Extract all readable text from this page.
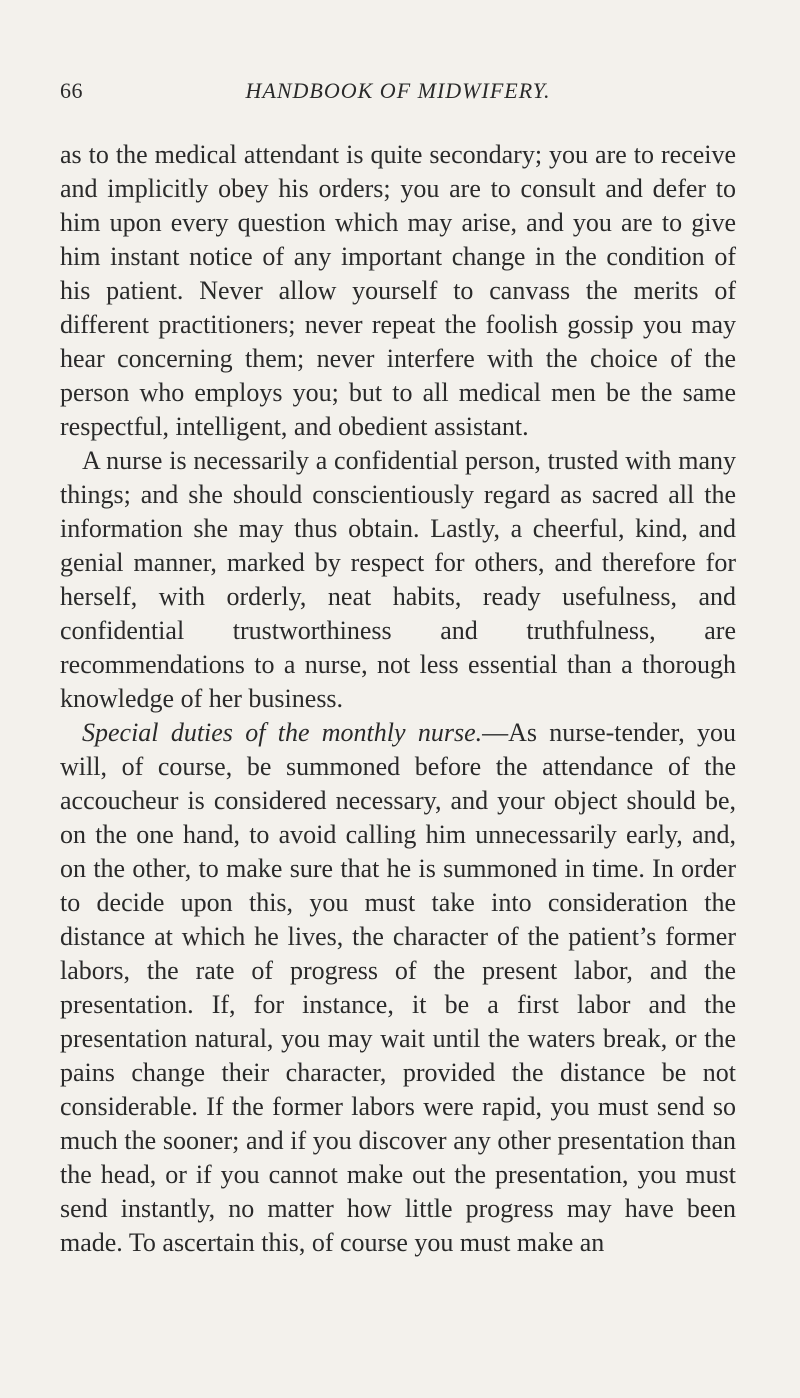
66	HANDBOOK OF MIDWIFERY.

as to the medical attendant is quite secondary; you are to receive and implicitly obey his orders; you are to consult and defer to him upon every question which may arise, and you are to give him instant notice of any important change in the condition of his patient. Never allow yourself to canvass the merits of different practitioners; never repeat the foolish gossip you may hear concerning them; never interfere with the choice of the person who employs you; but to all medical men be the same respectful, intelligent, and obedient assistant.

A nurse is necessarily a confidential person, trusted with many things; and she should conscientiously regard as sacred all the information she may thus obtain. Lastly, a cheerful, kind, and genial manner, marked by respect for others, and therefore for herself, with orderly, neat habits, ready usefulness, and confidential trustworthiness and truthfulness, are recommendations to a nurse, not less essential than a thorough knowledge of her business.

Special duties of the monthly nurse.—As nurse-tender, you will, of course, be summoned before the attendance of the accoucheur is considered necessary, and your object should be, on the one hand, to avoid calling him unnecessarily early, and, on the other, to make sure that he is summoned in time. In order to decide upon this, you must take into consideration the distance at which he lives, the character of the patient’s former labors, the rate of progress of the present labor, and the presentation. If, for instance, it be a first labor and the presentation natural, you may wait until the waters break, or the pains change their character, provided the distance be not considerable. If the former labors were rapid, you must send so much the sooner; and if you discover any other presentation than the head, or if you cannot make out the presentation, you must send instantly, no matter how little progress may have been made. To ascertain this, of course you must make an
